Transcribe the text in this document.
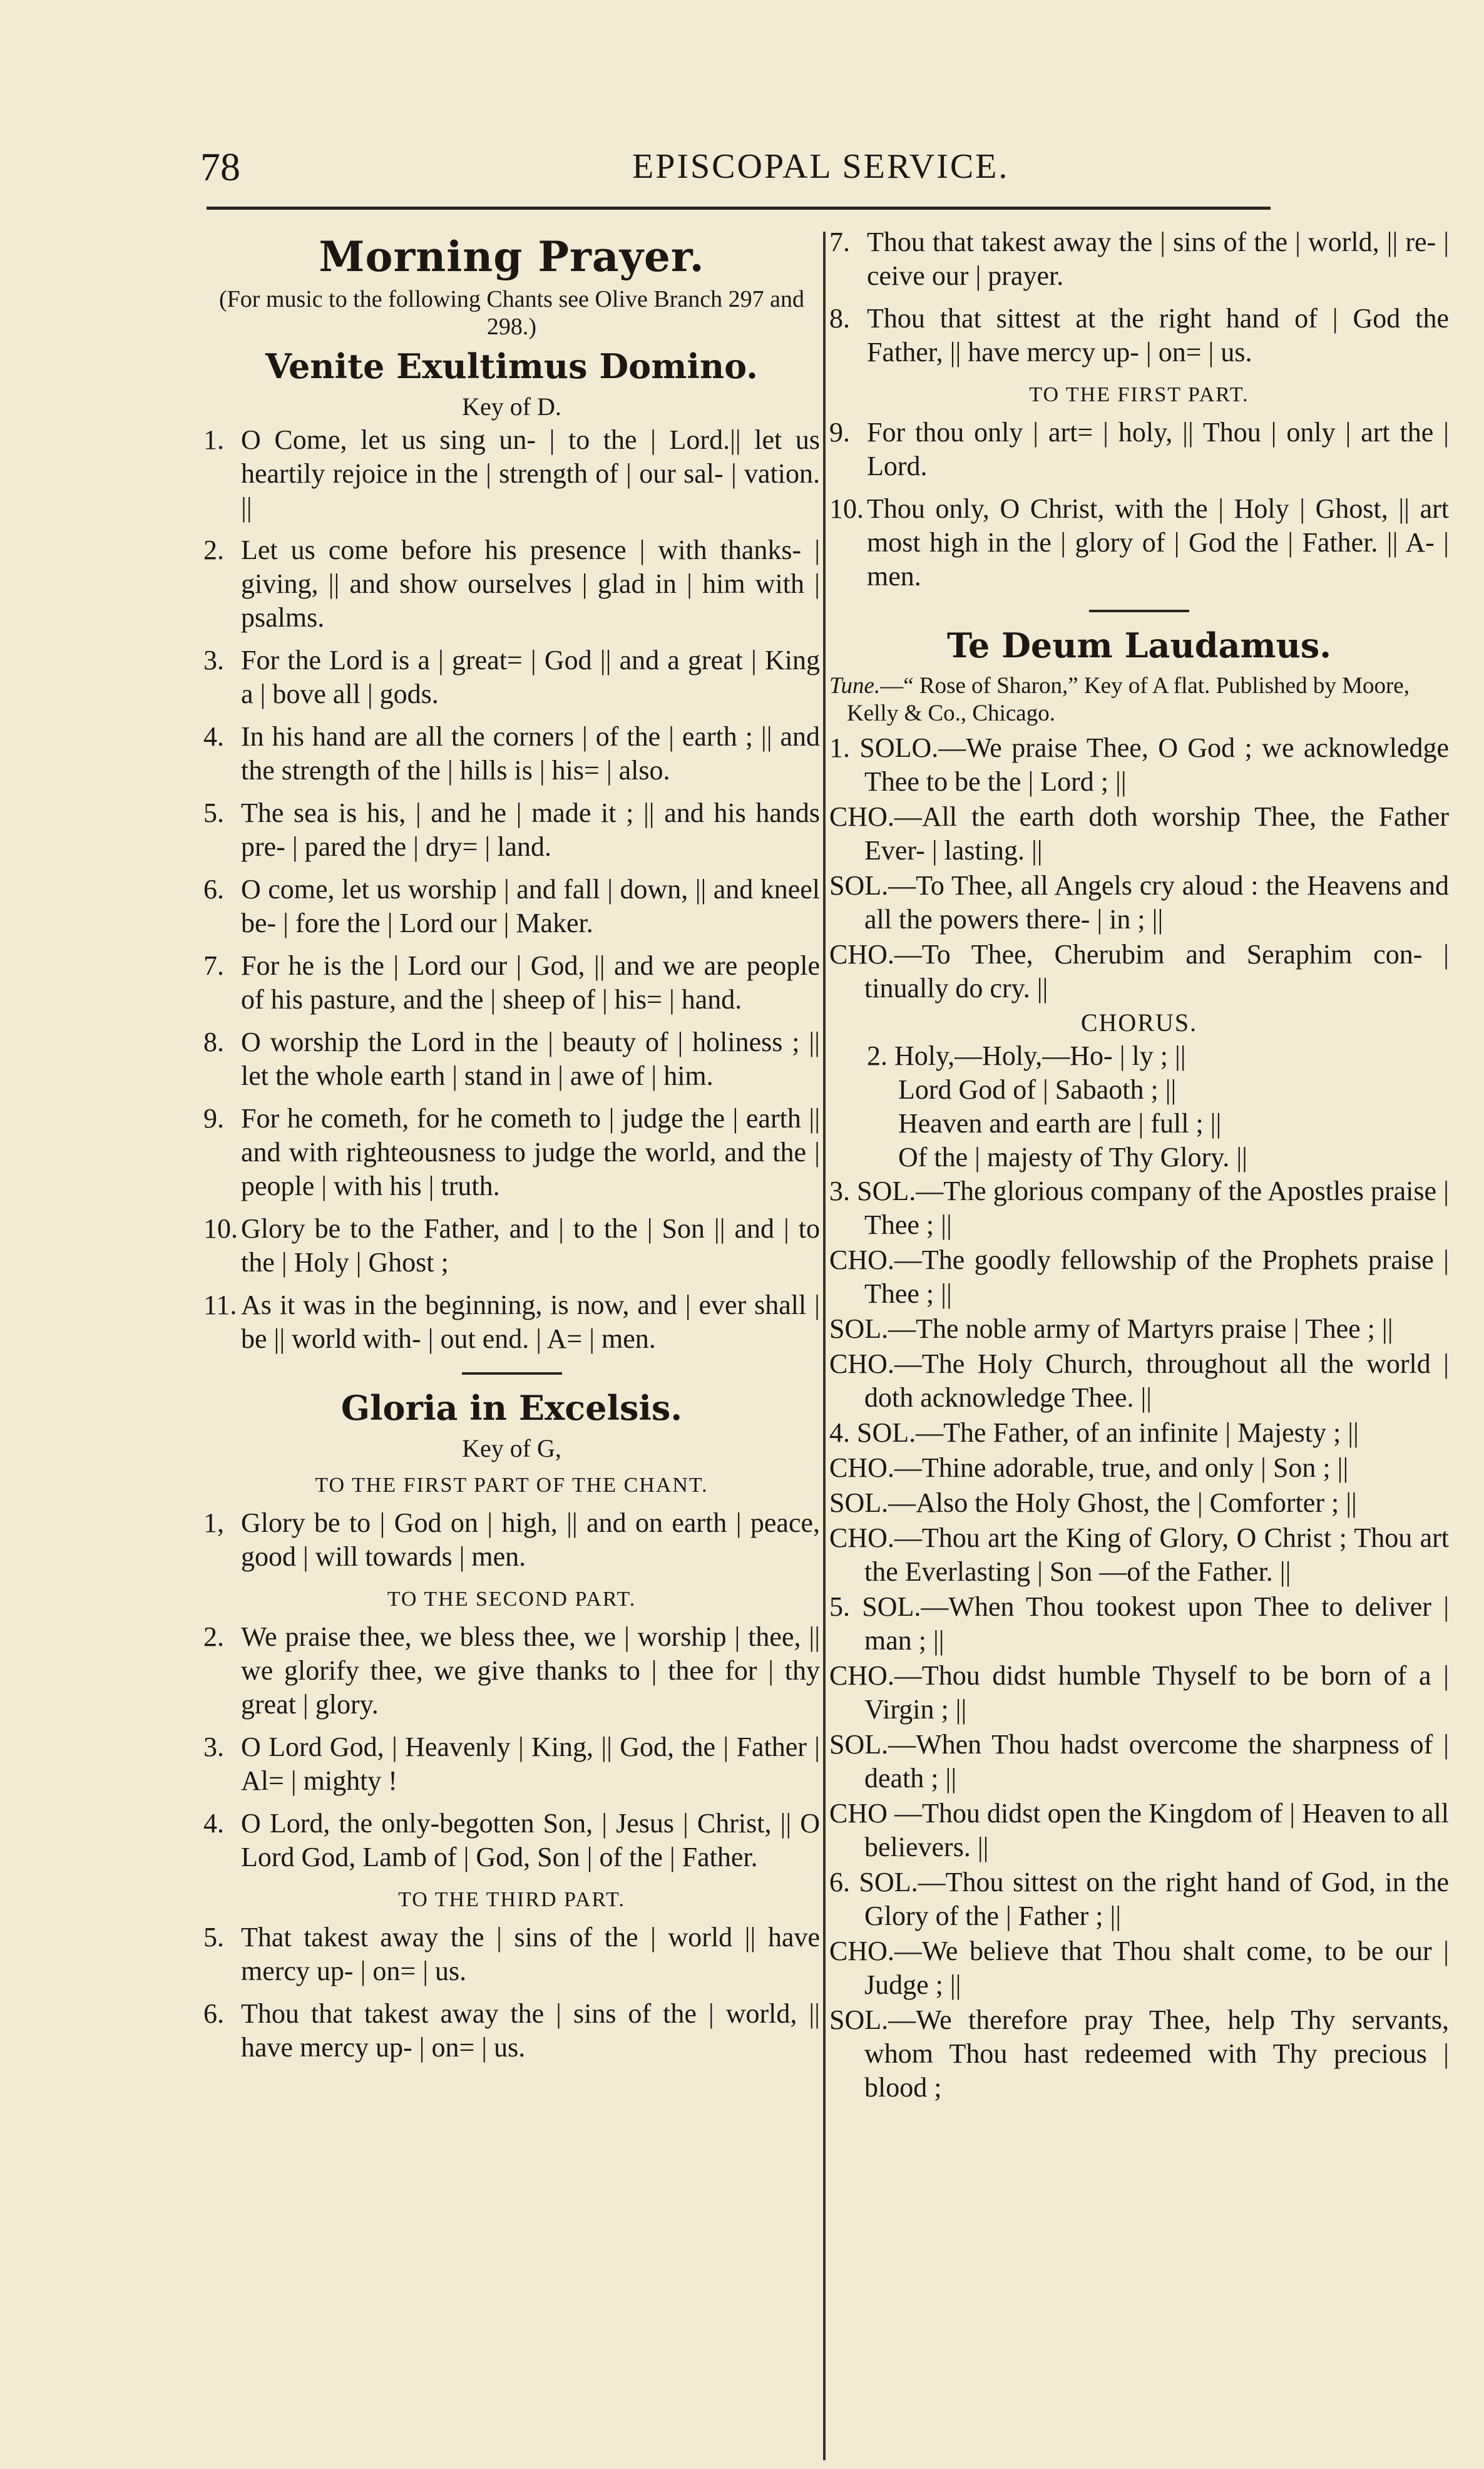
78	EPISCOPAL SERVICE.
Morning Prayer.
(For music to the following Chants see Olive Branch 297 and 298.)
Venite Exultimus Domino.
Key of D.
1. O Come, let us sing un- | to the | Lord.|| let us heartily rejoice in the | strength of | our sal- | vation. ||
2. Let us come before his presence | with thanks- | giving, || and show ourselves | glad in | him with | psalms.
3. For the Lord is a | great= | God || and a great | King a | bove all | gods.
4. In his hand are all the corners | of the | earth ; || and the strength of the | hills is | his= | also.
5. The sea is his, | and he | made it ; || and his hands pre- | pared the | dry= | land.
6. O come, let us worship | and fall | down, || and kneel be- | fore the | Lord our | Maker.
7. For he is the | Lord our | God, || and we are people of his pasture, and the | sheep of | his= | hand.
8. O worship the Lord in the | beauty of | holiness ; || let the whole earth | stand in | awe of | him.
9. For he cometh, for he cometh to | judge the | earth || and with righteousness to judge the world, and the | people | with his | truth.
10. Glory be to the Father, and | to the | Son || and | to the | Holy | Ghost ;
11. As it was in the beginning, is now, and | ever shall | be || world with- | out end. | A= | men.
Gloria in Excelsis.
Key of G,
TO THE FIRST PART OF THE CHANT.
1, Glory be to | God on | high, || and on earth | peace, good | will towards | men.
TO THE SECOND PART.
2. We praise thee, we bless thee, we | worship | thee, || we glorify thee, we give thanks to | thee for | thy great | glory.
3. O Lord God, | Heavenly | King, || God, the | Father | Al= | mighty !
4. O Lord, the only-begotten Son, | Jesus | Christ, || O Lord God, Lamb of | God, Son | of the | Father.
TO THE THIRD PART.
5. That takest away the | sins of the | world || have mercy up- | on= | us.
6. Thou that takest away the | sins of the | world, || have mercy up- | on= | us.
7. Thou that takest away the | sins of the | world, || re- | ceive our | prayer.
8. Thou that sittest at the right hand of | God the Father, || have mercy up- | on= | us.
TO THE FIRST PART.
9. For thou only | art= | holy, || Thou | only | art the | Lord.
10. Thou only, O Christ, with the | Holy | Ghost, || art most high in the | glory of | God the | Father. || A- | men.
Te Deum Laudamus.
Tune.—“ Rose of Sharon,” Key of A flat. Published by Moore, Kelly & Co., Chicago.
1. SOLO.—We praise Thee, O God ; we acknowledge Thee to be the | Lord ; ||
CHO.—All the earth doth worship Thee, the Father Ever- | lasting. ||
SOL.—To Thee, all Angels cry aloud : the Heavens and all the powers there- | in ; ||
CHO.—To Thee, Cherubim and Seraphim con- | tinually do cry. ||
CHORUS.
2. Holy,—Holy,—Ho- | ly ; ||
Lord God of | Sabaoth ; ||
Heaven and earth are | full ; ||
Of the | majesty of Thy Glory. ||
3. SOL.—The glorious company of the Apostles praise | Thee ; ||
CHO.—The goodly fellowship of the Prophets praise | Thee ; ||
SOL.—The noble army of Martyrs praise | Thee ; ||
CHO.—The Holy Church, throughout all the world | doth acknowledge Thee. ||
4. SOL.—The Father, of an infinite | Majesty ; ||
CHO.—Thine adorable, true, and only | Son ; ||
SOL.—Also the Holy Ghost, the | Comforter ; ||
CHO.—Thou art the King of Glory, O Christ ; Thou art the Everlasting | Son —of the Father. ||
5. SOL.—When Thou tookest upon Thee to deliver | man ; ||
CHO.—Thou didst humble Thyself to be born of a | Virgin ; ||
SOL.—When Thou hadst overcome the sharpness of | death ; ||
CHO —Thou didst open the Kingdom of | Heaven to all believers. ||
6. SOL.—Thou sittest on the right hand of God, in the Glory of the | Father ; ||
CHO.—We believe that Thou shalt come, to be our | Judge ; ||
SOL.—We therefore pray Thee, help Thy servants, whom Thou hast redeemed with Thy precious | blood ;
